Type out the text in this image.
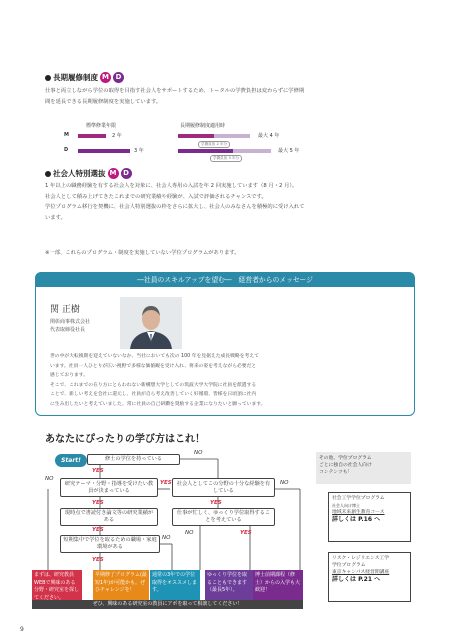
長期履修制度 M D
仕事と両立しながら学位の取得を目指す社会人をサポートするため、トータルの学費負担は変わらずに学修期
間を延長できる長期履修制度を実施しています。
標準修業年限	長期履修制度適用時
M	2 年	最大 4 年
学費負担 2 年分
D	3 年	最大 5 年
学費負担 3 年分
社会人特別選抜 M D
1 年以上の職務経験を有する社会人を対象に、社会人専用の入試を年 2 回実施しています（8 月・2 月）。
社会人として積み上げてきたこれまでの研究業績や経験が、入試で評価されるチャンスです。
学位プログラム移行を契機に、社会人特別選抜の枠をさらに拡大し、社会人のみなさんを積極的に受け入れて
います。
※一部、これらのプログラム・制度を実施していない学位プログラムがあります。
―社員のスキルアップを望む―　経営者からのメッセージ
関 正樹
関彰商事株式会社
代表取締役社長
世の中が大転換期を迎えていないなか、当社においても次の 100 年を見据えた成長戦略を考えて
います。社員一人ひとりが広い視野で多様な価値観を受け入れ、将来の姿を考えながら必要だと
感じております。
そこで、これまでの在り方にとらわれない新構想大学としての筑波大学大学院に社員を派遣する
ことで、新しい考えを会社に還元し、社員が自ら考え改善していく好循環、皆様を日頃頂に社内
に生み出したいと考えていました。常に社員の自己研鑽を奨励する企業になりたいと願っています。
あなたにぴったりの学び方はこれ！
Start!	修士の学位を持っている
NO
YES
NO
研究テーマ・分野・指導を受けたい教員が決まっている
YES 社会人としてこの分野の十分な経験を有している
NO
YES	YES
現時点で書読付き論文等の研究業績がある
仕事が忙しく、ゆっくり学位取得することを考えている
YES	NO	YES
短期集中で学位を取るための職場・家庭環境がある
NO
YES
まずは、研究教員WEBで興味のある分野・研究室を探してください。
早期修了プログラム(最短1年)が可能かも。ぜひチャレンジを！
通常の3年での学位取得をオススメします。
ゆっくり学位を取ることもできます（最長5年）。
博士前期課程（修士）からの入学も大歓迎！
ぜひ、興味のある研究室の教員にアポを取って相談してください！
その他、学位プログラム
ごとに独自の社会人向け
コンテンツも！
社会工学学位プログラム
社会人向け博士
地域未来創生教育コース
詳しくは P.16 へ
リスク・レジリエンス工学
学位プログラム
東京キャンパス経営期講座
詳しくは P.21 へ
9
